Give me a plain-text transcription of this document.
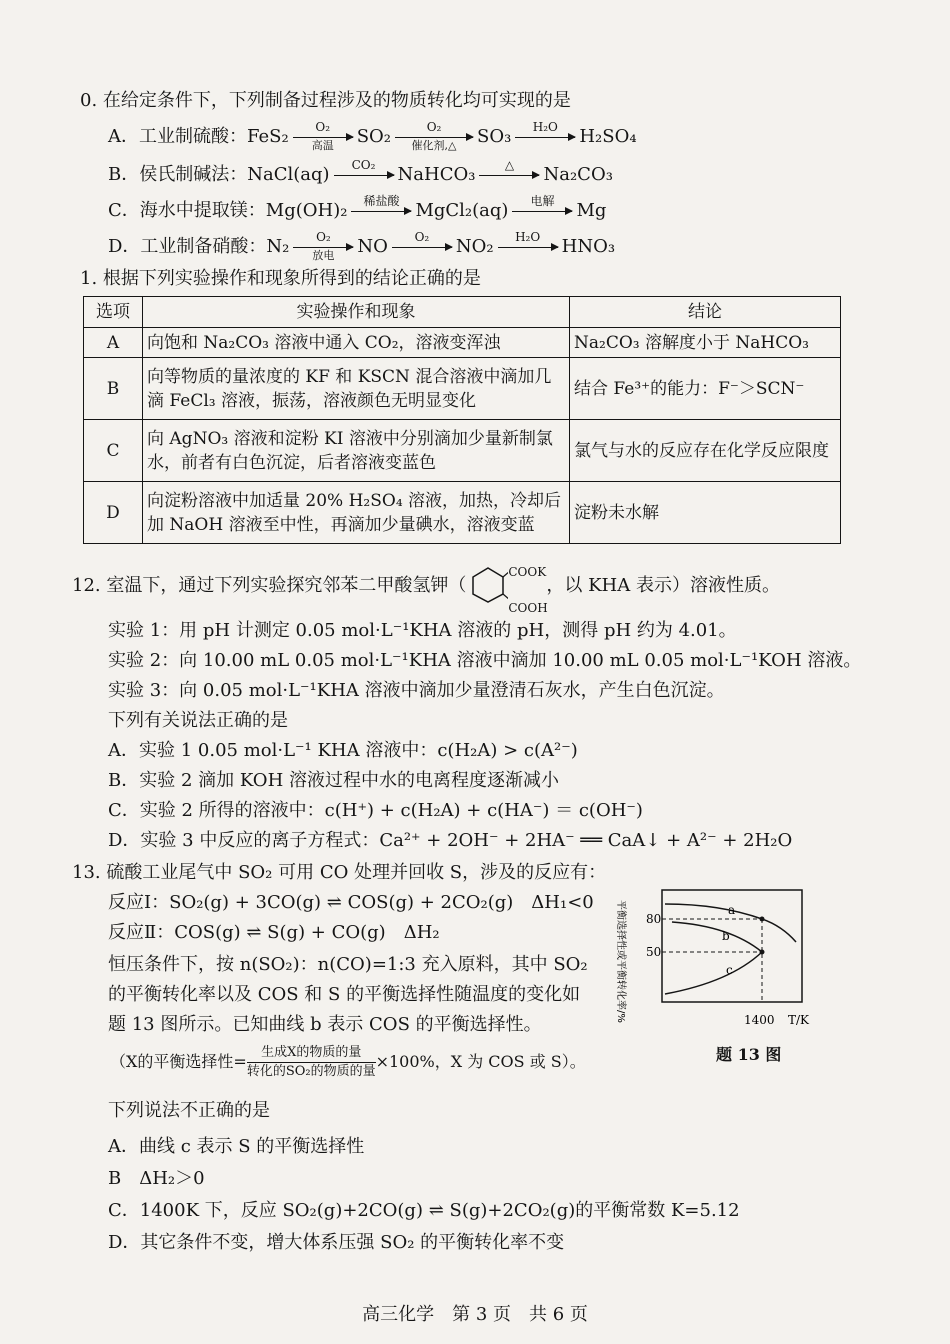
0. 在给定条件下，下列制备过程涉及的物质转化均可实现的是
A．工业制硫酸：FeS₂	O₂
高温	SO₂	O₂
催化剂,△	SO₃	H₂O	H₂SO₄
B．侯氏制碱法：NaCl(aq)	CO₂	NaHCO₃	△	Na₂CO₃
C．海水中提取镁：Mg(OH)₂	稀盐酸 MgCl₂(aq)	电解	Mg
D．工业制备硝酸：N₂	O₂
放电	NO	O₂	NO₂	H₂O	HNO₃
1. 根据下列实验操作和现象所得到的结论正确的是
选项	实验操作和现象	结论
A	向饱和 Na₂CO₃ 溶液中通入 CO₂，溶液变浑浊	Na₂CO₃ 溶解度小于 NaHCO₃
B	向等物质的量浓度的 KF 和 KSCN 混合溶液中滴加几滴 FeCl₃ 溶液，振荡，溶液颜色无明显变化	结合 Fe³⁺的能力：F⁻＞SCN⁻
C	向 AgNO₃ 溶液和淀粉 KI 溶液中分别滴加少量新制氯水，前者有白色沉淀，后者溶液变蓝色	氯气与水的反应存在化学反应限度
D	向淀粉溶液中加适量 20% H₂SO₄ 溶液，加热，冷却后加 NaOH 溶液至中性，再滴加少量碘水，溶液变蓝	淀粉未水解
12. 室温下，通过下列实验探究邻苯二甲酸氢钾（
COOK
COOH
，以 KHA 表示）溶液性质。
实验 1：用 pH 计测定 0.05 mol·L⁻¹KHA 溶液的 pH，测得 pH 约为 4.01。
实验 2：向 10.00 mL 0.05 mol·L⁻¹KHA 溶液中滴加 10.00 mL 0.05 mol·L⁻¹KOH 溶液。
实验 3：向 0.05 mol·L⁻¹KHA 溶液中滴加少量澄清石灰水，产生白色沉淀。
下列有关说法正确的是
A．实验 1 0.05 mol·L⁻¹ KHA 溶液中：c(H₂A) > c(A²⁻)
B．实验 2 滴加 KOH 溶液过程中水的电离程度逐渐减小
C．实验 2 所得的溶液中：c(H⁺) + c(H₂A) + c(HA⁻) ＝ c(OH⁻)
D．实验 3 中反应的离子方程式：Ca²⁺ + 2OH⁻ + 2HA⁻ ══ CaA↓ + A²⁻ + 2H₂O
13. 硫酸工业尾气中 SO₂ 可用 CO 处理并回收 S，涉及的反应有：
反应Ⅰ：SO₂(g) + 3CO(g) ⇌ COS(g) + 2CO₂(g)　ΔH₁<0
反应Ⅱ：COS(g) ⇌ S(g) + CO(g)　ΔH₂
恒压条件下，按 n(SO₂)：n(CO)=1:3 充入原料，其中 SO₂
的平衡转化率以及 COS 和 S 的平衡选择性随温度的变化如
题 13 图所示。已知曲线 b 表示 COS 的平衡选择性。
（X的平衡选择性= $\frac{\text{生成X的物质的量}}{\text{转化的SO₂的物质的量}} \times 100\%$，X 为 COS 或 S）。
下列说法不正确的是
A．曲线 c 表示 S 的平衡选择性
B　ΔH₂＞0
C．1400K 下，反应 SO₂(g)+2CO(g) ⇌ S(g)+2CO₂(g)的平衡常数 K=5.12
D．其它条件不变，增大体系压强 SO₂ 的平衡转化率不变
平衡选择性或平衡转化率/% 80
50
1400 T/K
a
b
c
题 13 图
高三化学　第 3 页　共 6 页
